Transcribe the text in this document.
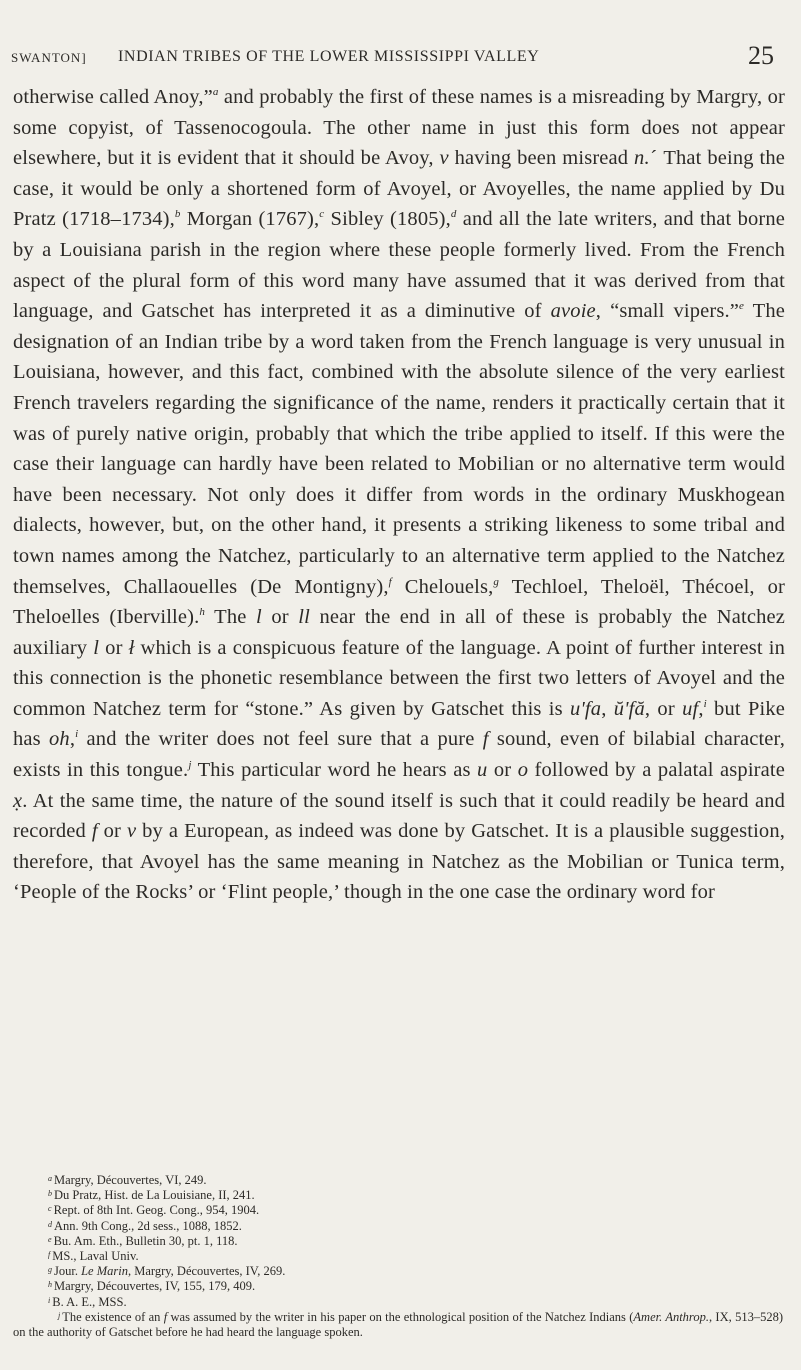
SWANTON] INDIAN TRIBES OF THE LOWER MISSISSIPPI VALLEY	25
otherwise called Anoy,”$^a$ and probably the first of these names is a misreading by Margry, or some copyist, of Tassenocogoula. The other name in just this form does not appear elsewhere, but it is evident that it should be Avoy, v having been misread n.ˊ That being the case, it would be only a shortened form of Avoyel, or Avoyelles, the name applied by Du Pratz (1718–1734),$^b$ Morgan (1767),$^c$ Sibley (1805),$^d$ and all the late writers, and that borne by a Louisiana parish in the region where these people formerly lived. From the French aspect of the plural form of this word many have assumed that it was derived from that language, and Gatschet has interpreted it as a diminutive of avoie, “small vipers.”$^e$ The designation of an Indian tribe by a word taken from the French language is very unusual in Louisiana, however, and this fact, combined with the absolute silence of the very earliest French travelers regarding the significance of the name, renders it practically certain that it was of purely native origin, probably that which the tribe applied to itself. If this were the case their language can hardly have been related to Mobilian or no alternative term would have been necessary. Not only does it differ from words in the ordinary Muskhogean dialects, however, but, on the other hand, it presents a striking likeness to some tribal and town names among the Natchez, particularly to an alternative term applied to the Natchez themselves, Challaouelles (De Montigny),$^f$ Chelouels,$^g$ Techloel, Theloël, Thécoel, or Theloelles (Iberville).$^h$ The l or ll near the end in all of these is probably the Natchez auxiliary l or ł which is a conspicuous feature of the language. A point of further interest in this connection is the phonetic resemblance between the first two letters of Avoyel and the common Natchez term for “stone.” As given by Gatschet this is u'fa, ŭ'fă, or uf,$^i$ but Pike has oh,$^i$ and the writer does not feel sure that a pure f sound, even of bilabial character, exists in this tongue.$^j$ This particular word he hears as u or o followed by a palatal aspirate x̣. At the same time, the nature of the sound itself is such that it could readily be heard and recorded f or v by a European, as indeed was done by Gatschet. It is a plausible suggestion, therefore, that Avoyel has the same meaning in Natchez as the Mobilian or Tunica term, ‘People of the Rocks’ or ‘Flint people,’ though in the one case the ordinary word for
$^a$ Margry, Découvertes, VI, 249.
$^b$ Du Pratz, Hist. de La Louisiane, II, 241.
$^c$ Rept. of 8th Int. Geog. Cong., 954, 1904.
$^d$ Ann. 9th Cong., 2d sess., 1088, 1852.
$^e$ Bu. Am. Eth., Bulletin 30, pt. 1, 118.
$^f$ MS., Laval Univ.
$^g$ Jour. Le Marin, Margry, Découvertes, IV, 269.
$^h$ Margry, Découvertes, IV, 155, 179, 409.
$^i$ B. A. E., MSS.
$^j$ The existence of an f was assumed by the writer in his paper on the ethnological position of the Natchez Indians (Amer. Anthrop., IX, 513–528) on the authority of Gatschet before he had heard the language spoken.
